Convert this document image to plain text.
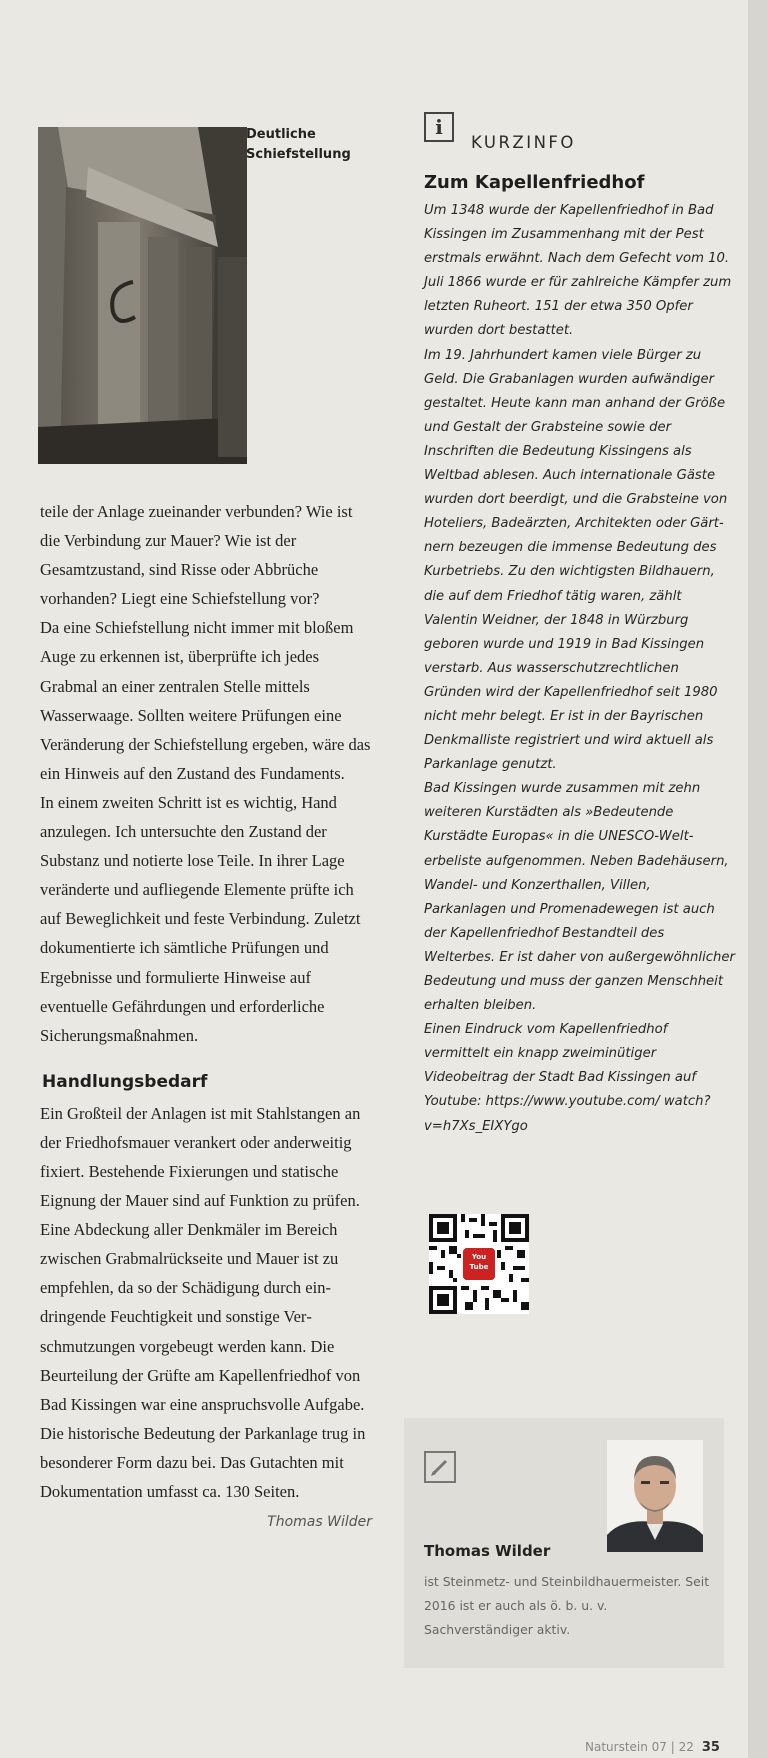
Deutliche
Schiefstellung

teile der Anlage zueinander verbunden? Wie ist die Verbindung zur Mauer? Wie ist der Gesamtzustand, sind Risse oder Abbrüche vorhanden? Liegt eine Schiefstellung vor?

Da eine Schiefstellung nicht immer mit bloßem Auge zu erkennen ist, überprüfte ich jedes Grabmal an einer zentralen Stelle mittels Wasserwaage. Sollten weitere Prüfungen eine Veränderung der Schiefstellung ergeben, wäre das ein Hinweis auf den Zustand des Fundaments.

In einem zweiten Schritt ist es wichtig, Hand anzulegen. Ich untersuchte den Zustand der Substanz und notierte lose Teile. In ihrer Lage veränderte und aufliegende Elemente prüfte ich auf Beweglichkeit und feste Verbindung. Zuletzt dokumentierte ich sämtliche Prüfungen und Ergebnisse und formulierte Hinweise auf eventuelle Gefährdungen und erforderliche Sicherungsmaßnahmen.

Handlungsbedarf

Ein Großteil der Anlagen ist mit Stahlstangen an der Friedhofsmauer verankert oder anderweitig fixiert. Bestehende Fixierungen und statische Eignung der Mauer sind auf Funktion zu prüfen. Eine Abdeckung aller Denkmäler im Bereich zwischen Grabmalrückseite und Mauer ist zu empfehlen, da so der Schädigung durch eindringende Feuchtigkeit und sonstige Verschmutzungen vorgebeugt werden kann. Die Beurteilung der Grüfte am Kapellenfriedhof von Bad Kissingen war eine anspruchsvolle Aufgabe. Die historische Bedeutung der Parkanlage trug in besonderer Form dazu bei. Das Gutachten mit Dokumentation umfasst ca. 130 Seiten.

Thomas Wilder

i
KURZINFO
Zum Kapellenfriedhof

Um 1348 wurde der Kapellenfriedhof in Bad Kissingen im Zusammenhang mit der Pest erstmals erwähnt. Nach dem Gefecht vom 10. Juli 1866 wurde er für zahlreiche Kämpfer zum letzten Ruheort. 151 der etwa 350 Opfer wurden dort bestattet.

Im 19. Jahrhundert kamen viele Bürger zu Geld. Die Grabanlagen wurden aufwändiger gestaltet. Heute kann man anhand der Größe und Gestalt der Grabsteine sowie der Inschriften die Bedeutung Kissingens als Weltbad ablesen. Auch internationale Gäste wurden dort beerdigt, und die Grabsteine von Hoteliers, Badeärzten, Architekten oder Gärtnern bezeugen die immense Bedeutung des Kurbetriebs. Zu den wichtigsten Bildhauern, die auf dem Friedhof tätig waren, zählt Valentin Weidner, der 1848 in Würzburg geboren wurde und 1919 in Bad Kissingen verstarb. Aus wasserschutzrechtlichen Gründen wird der Kapellenfriedhof seit 1980 nicht mehr belegt. Er ist in der Bayrischen Denkmalliste registriert und wird aktuell als Parkanlage genutzt.

Bad Kissingen wurde zusammen mit zehn weiteren Kurstädten als »Bedeutende Kurstädte Europas« in die UNESCO-Welterbeliste aufgenommen. Neben Badehäusern, Wandel- und Konzerthallen, Villen, Parkanlagen und Promenadewegen ist auch der Kapellenfriedhof Bestandteil des Welterbes. Er ist daher von außergewöhnlicher Bedeutung und muss der ganzen Menschheit erhalten bleiben.

Einen Eindruck vom Kapellenfriedhof vermittelt ein knapp zweiminütiger Videobeitrag der Stadt Bad Kissingen auf Youtube: https://www.youtube.com/ watch?v=h7Xs_EIXYgo

You
Tube
Thomas Wilder
ist Steinmetz- und Steinbildhauermeister. Seit 2016 ist er auch als ö. b. u. v. Sachverständiger aktiv.
Naturstein 07 | 22 35
